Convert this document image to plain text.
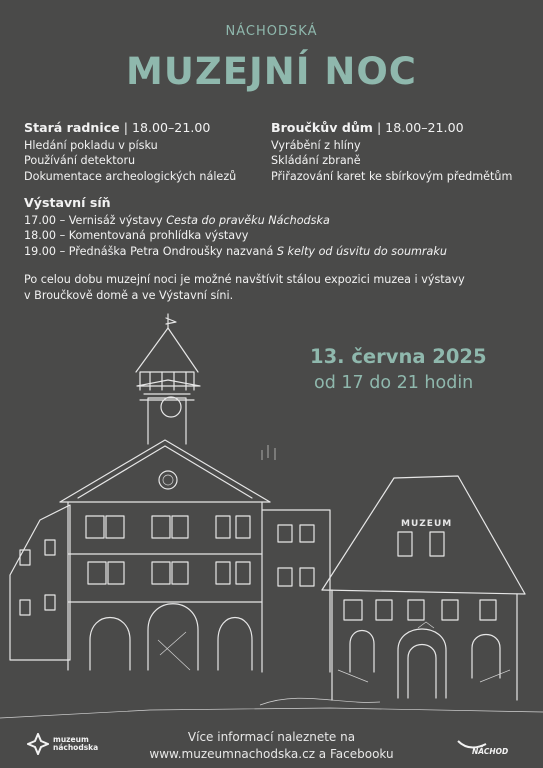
NÁCHODSKÁ
MUZEJNÍ NOC
Stará radnice | 18.00–21.00
Hledání pokladu v písku
Používání detektoru
Dokumentace archeologických nálezů
Broučkův dům | 18.00–21.00
Vyrábění z hlíny
Skládání zbraně
Přiřazování karet ke sbírkovým předmětům
Výstavní síň
17.00 – Vernisáž výstavy Cesta do pravěku Náchodska
18.00 – Komentovaná prohlídka výstavy
19.00 – Přednáška Petra Ondroušky nazvaná S kelty od úsvitu do soumraku
Po celou dobu muzejní noci je možné navštívit stálou expozici muzea i výstavy
v Broučkově domě a ve Výstavní síni.
13. června 2025
od 17 do 21 hodin
MUZEUM
muzeum
náchodska
Více informací naleznete na
www.muzeumnachodska.cz a Facebooku	NÁCHOD
